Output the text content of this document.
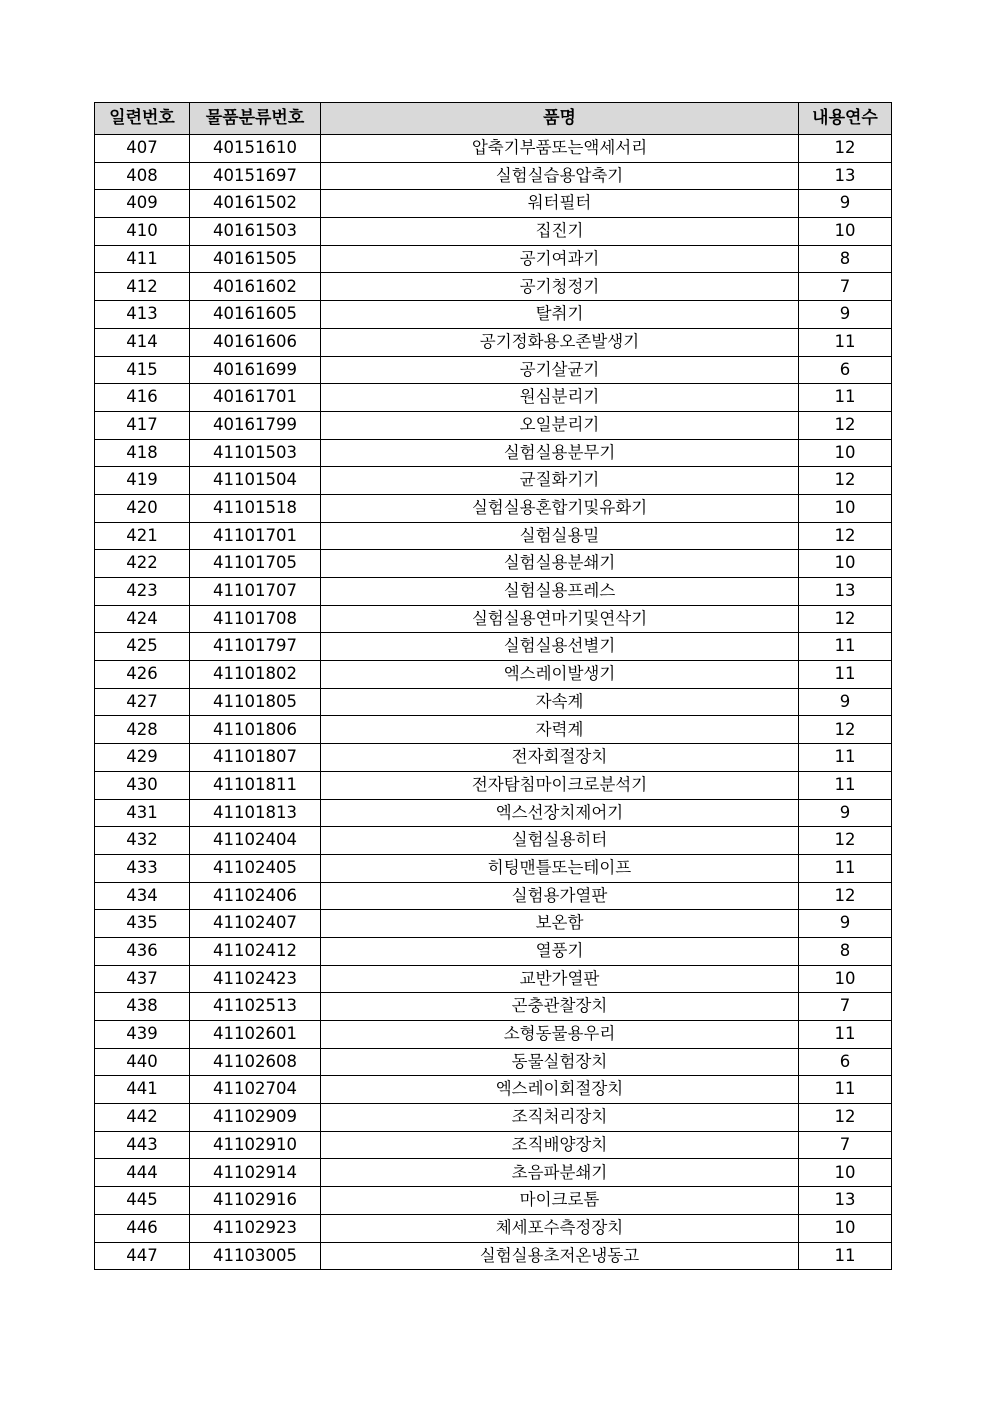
일련번호	물품분류번호	품명	내용연수
407	40151610	압축기부품또는액세서리	12
408	40151697	실험실습용압축기	13
409	40161502	워터필터	9
410	40161503	집진기	10
411	40161505	공기여과기	8
412	40161602	공기청정기	7
413	40161605	탈취기	9
414	40161606	공기정화용오존발생기	11
415	40161699	공기살균기	6
416	40161701	원심분리기	11
417	40161799	오일분리기	12
418	41101503	실험실용분무기	10
419	41101504	균질화기기	12
420	41101518	실험실용혼합기및유화기	10
421	41101701	실험실용밀	12
422	41101705	실험실용분쇄기	10
423	41101707	실험실용프레스	13
424	41101708	실험실용연마기및연삭기	12
425	41101797	실험실용선별기	11
426	41101802	엑스레이발생기	11
427	41101805	자속계	9
428	41101806	자력계	12
429	41101807	전자회절장치	11
430	41101811	전자탐침마이크로분석기	11
431	41101813	엑스선장치제어기	9
432	41102404	실험실용히터	12
433	41102405	히팅맨틀또는테이프	11
434	41102406	실험용가열판	12
435	41102407	보온함	9
436	41102412	열풍기	8
437	41102423	교반가열판	10
438	41102513	곤충관찰장치	7
439	41102601	소형동물용우리	11
440	41102608	동물실험장치	6
441	41102704	엑스레이회절장치	11
442	41102909	조직처리장치	12
443	41102910	조직배양장치	7
444	41102914	초음파분쇄기	10
445	41102916	마이크로톰	13
446	41102923	체세포수측정장치	10
447	41103005	실험실용초저온냉동고	11
